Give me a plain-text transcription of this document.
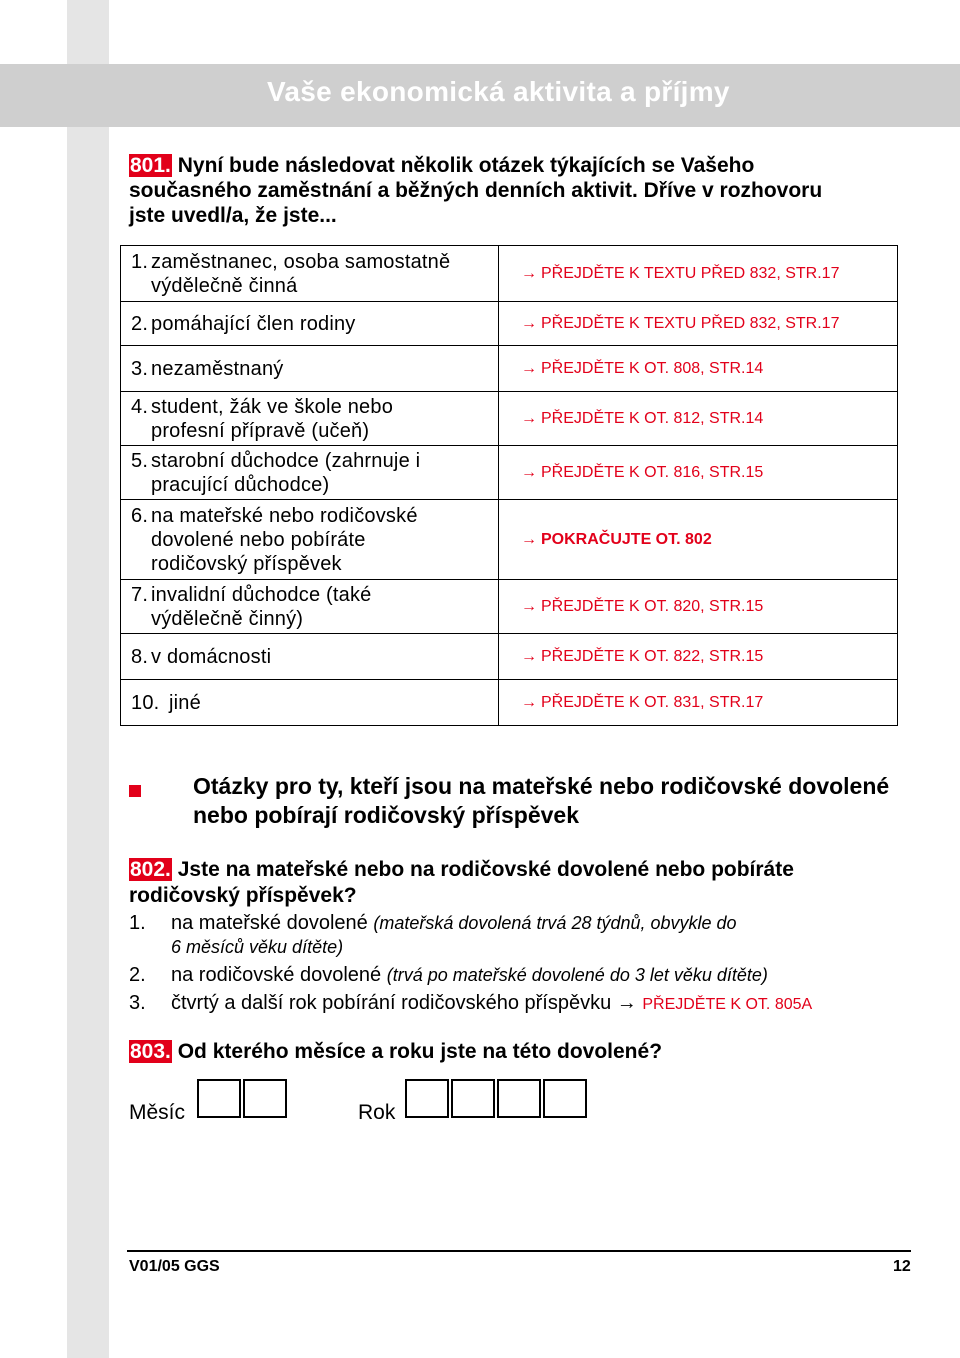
Vaše ekonomická aktivita a příjmy
801. Nyní bude následovat několik otázek týkajících se Vašeho současného zaměstnání a běžných denních aktivit. Dříve v rozhovoru jste uvedl/a, že jste...
1. zaměstnanec, osoba samostatně výdělečně činná	→ PŘEJDĚTE K TEXTU PŘED 832, STR.17

2. pomáhající člen rodiny	→ PŘEJDĚTE K TEXTU PŘED 832, STR.17

3. nezaměstnaný	→ PŘEJDĚTE K OT. 808, STR.14

4. student, žák ve škole nebo profesní přípravě (učeň)	→ PŘEJDĚTE K OT. 812, STR.14

5. starobní důchodce (zahrnuje i pracující důchodce)	→ PŘEJDĚTE K OT. 816, STR.15

6. na mateřské nebo rodičovské dovolené nebo pobíráte rodičovský příspěvek	→ POKRAČUJTE OT. 802

7. invalidní důchodce (také výdělečně činný)	→ PŘEJDĚTE K OT. 820, STR.15

8. v domácnosti	→ PŘEJDĚTE K OT. 822, STR.15

10. jiné	→ PŘEJDĚTE K OT. 831, STR.17
Otázky pro ty, kteří jsou na mateřské nebo rodičovské dovolené nebo pobírají rodičovský příspěvek
802. Jste na mateřské nebo na rodičovské dovolené nebo pobíráte rodičovský příspěvek?
1.	na mateřské dovolené (mateřská dovolená trvá 28 týdnů, obvykle do
6 měsíců věku dítěte)
2.	na rodičovské dovolené (trvá po mateřské dovolené do 3 let věku dítěte)
3.	čtvrtý a další rok pobírání rodičovského příspěvku → PŘEJDĚTE K OT. 805A
803. Od kterého měsíce a roku jste na této dovolené?
Měsíc	Rok
V01/05 GGS	12
